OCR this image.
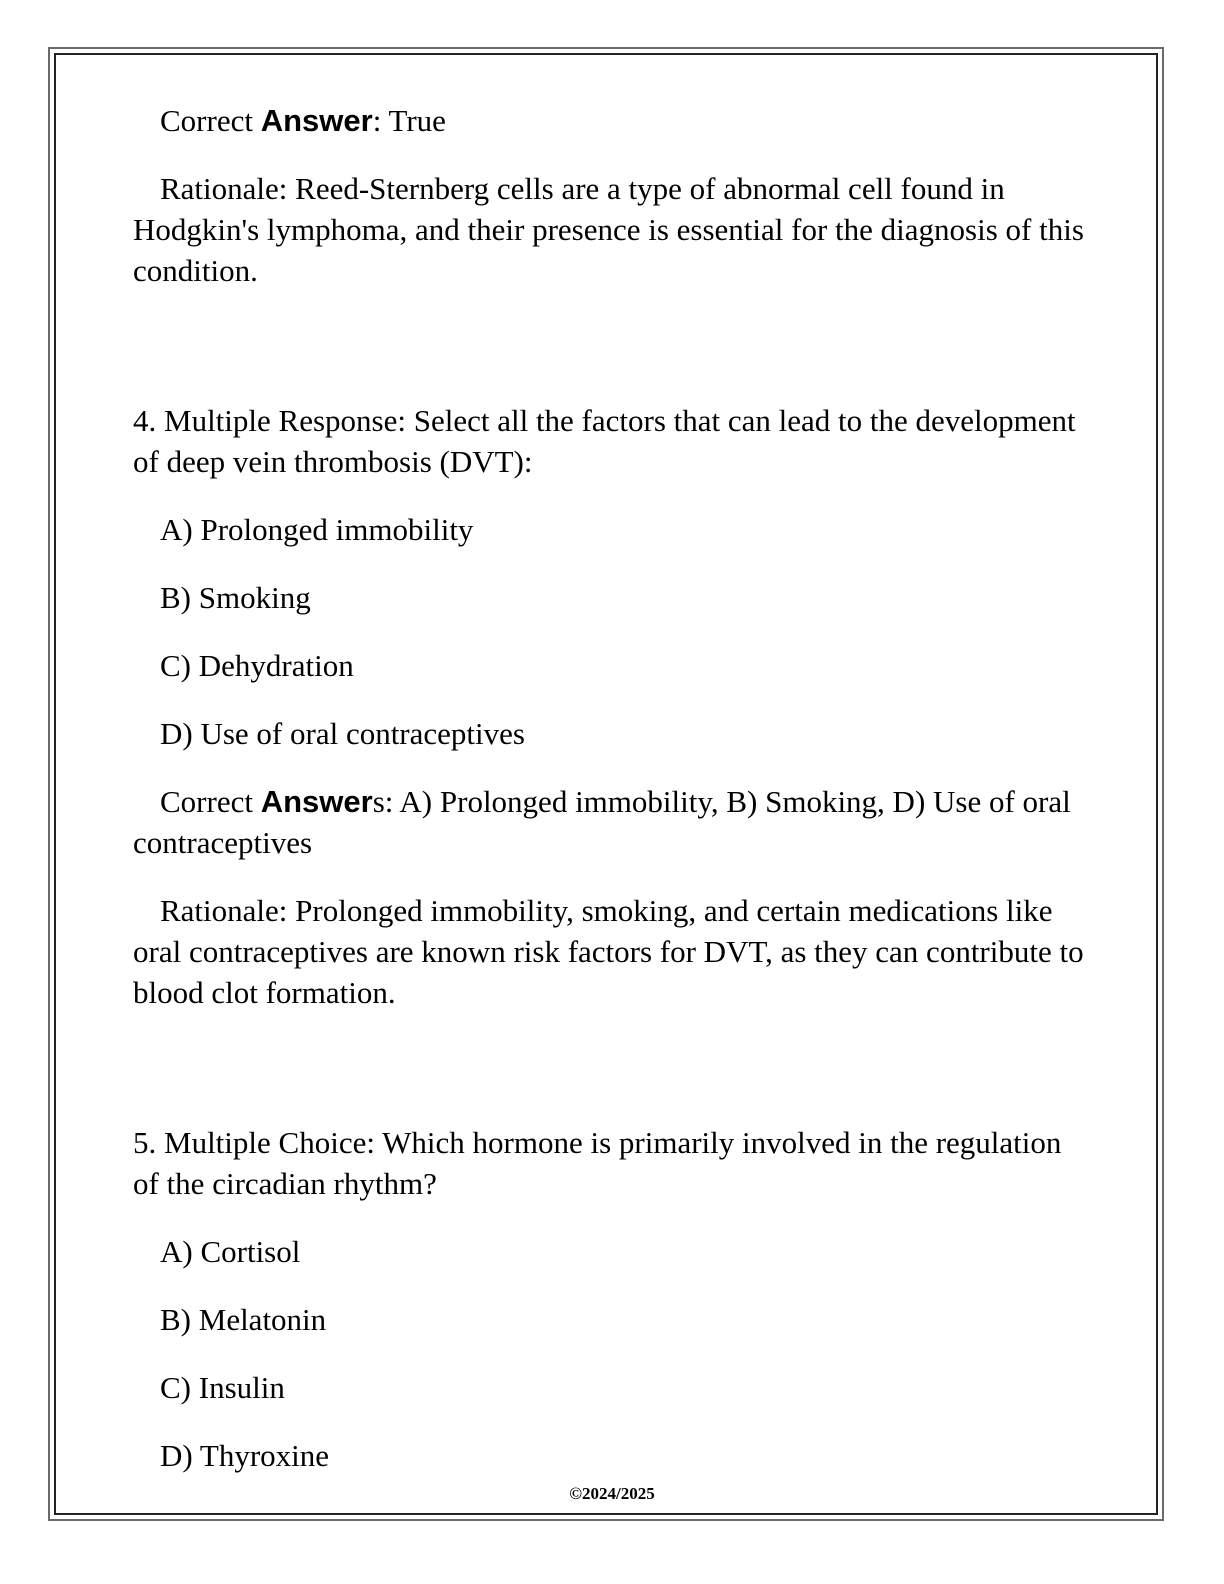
Correct Answer: True

Rationale: Reed-Sternberg cells are a type of abnormal cell found in Hodgkin's lymphoma, and their presence is essential for the diagnosis of this condition.

4. Multiple Response: Select all the factors that can lead to the development of deep vein thrombosis (DVT):

A) Prolonged immobility

B) Smoking

C) Dehydration

D) Use of oral contraceptives

Correct Answers: A) Prolonged immobility, B) Smoking, D) Use of oral contraceptives

Rationale: Prolonged immobility, smoking, and certain medications like oral contraceptives are known risk factors for DVT, as they can contribute to blood clot formation.

5. Multiple Choice: Which hormone is primarily involved in the regulation of the circadian rhythm?

A) Cortisol

B) Melatonin

C) Insulin

D) Thyroxine

©2024/2025
